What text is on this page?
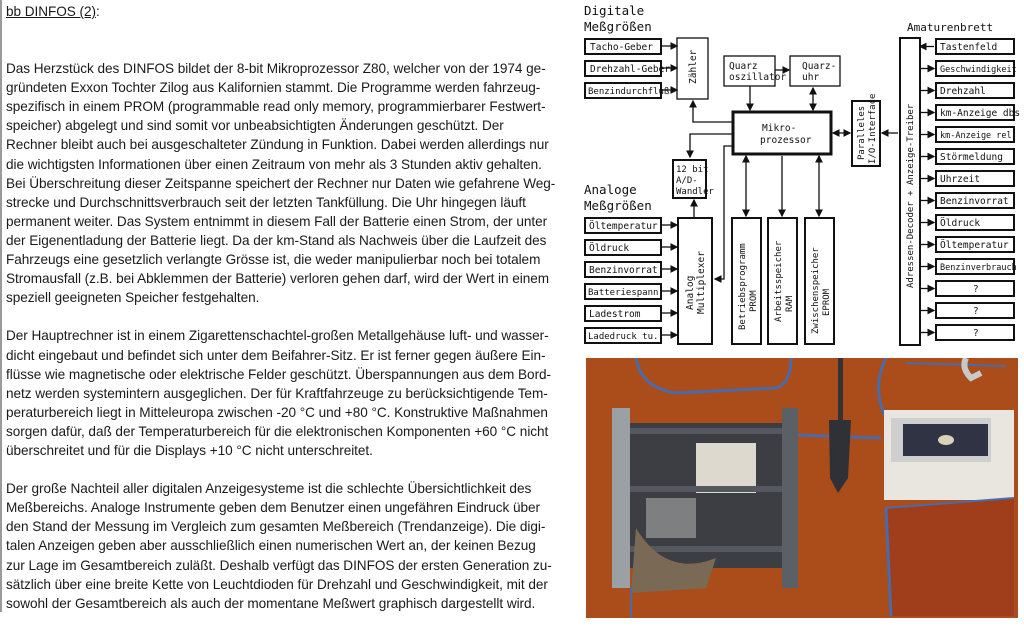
bb DINFOS (2):

Das Herzstück des DINFOS bildet der 8-bit Mikroprozessor Z80, welcher von der 1974 ge-
gründeten Exxon Tochter Zilog aus Kalifornien stammt. Die Programme werden fahrzeug-
spezifisch in einem PROM (programmable read only memory, programmierbarer Festwert-
speicher) abgelegt und sind somit vor unbeabsichtigten Änderungen geschützt. Der
Rechner bleibt auch bei ausgeschalteter Zündung in Funktion. Dabei werden allerdings nur
die wichtigsten Informationen über einen Zeitraum von mehr als 3 Stunden aktiv gehalten.
Bei Überschreitung dieser Zeitspanne speichert der Rechner nur Daten wie gefahrene Weg-
strecke und Durchschnittsverbrauch seit der letzten Tankfüllung. Die Uhr hingegen läuft
permanent weiter. Das System entnimmt in diesem Fall der Batterie einen Strom, der unter
der Eigenentladung der Batterie liegt. Da der km-Stand als Nachweis über die Laufzeit des
Fahrzeugs eine gesetzlich verlangte Grösse ist, die weder manipulierbar noch bei totalem
Stromausfall (z.B. bei Abklemmen der Batterie) verloren gehen darf, wird der Wert in einem
speziell geeigneten Speicher festgehalten.

Der Hauptrechner ist in einem Zigarettenschachtel-großen Metallgehäuse luft- und wasser-
dicht eingebaut und befindet sich unter dem Beifahrer-Sitz. Er ist ferner gegen äußere Ein-
flüsse wie magnetische oder elektrische Felder geschützt. Überspannungen aus dem Bord-
netz werden systemintern ausgeglichen. Der für Kraftfahrzeuge zu berücksichtigende Tem-
peraturbereich liegt in Mitteleuropa zwischen -20 °C und +80 °C. Konstruktive Maßnahmen
sorgen dafür, daß der Temperaturbereich für die elektronischen Komponenten +60 °C nicht
überschreitet und für die Displays +10 °C nicht unterschreitet.

Der große Nachteil aller digitalen Anzeigesysteme ist die schlechte Übersichtlichkeit des
Meßbereichs. Analoge Instrumente geben dem Benutzer einen ungefähren Eindruck über
den Stand der Messung im Vergleich zum gesamten Meßbereich (Trendanzeige). Die digi-
talen Anzeigen geben aber ausschließlich einen numerischen Wert an, der keinen Bezug
zur Lage im Gesamtbereich zuläßt. Deshalb verfügt das DINFOS der ersten Generation zu-
sätzlich über eine breite Kette von Leuchtdioden für Drehzahl und Geschwindigkeit, mit der
sowohl der Gesamtbereich als auch der momentane Meßwert graphisch dargestellt wird.

Digitale
Meßgrößen
Tacho-Geber
Drehzahl-Geber
Benzindurchfluß
Zähler	Quarz
oszillator
Quarz-
uhr
Mikro-
prozessor
12 bit
A/D-
Wandler
Analoge
Meßgrößen
Öltemperatur
Öldruck
Benzinvorrat
Batteriespann.
Ladestrom
Ladedruck tu.
Analog Multiplexer	Betriebsprogramm PROM Arbeitsspeicher RAM Zwischenspeicher EPROM
Paralleles I/O-Interface	Adressen-Decoder + Anzeige-Treiber
Amaturenbrett
Tastenfeld
Geschwindigkeit
Drehzahl
km-Anzeige dbs
km-Anzeige rel.
Störmeldung
Uhrzeit
Benzinvorrat
Öldruck
Öltemperatur
Benzinverbrauch
?
?
?
